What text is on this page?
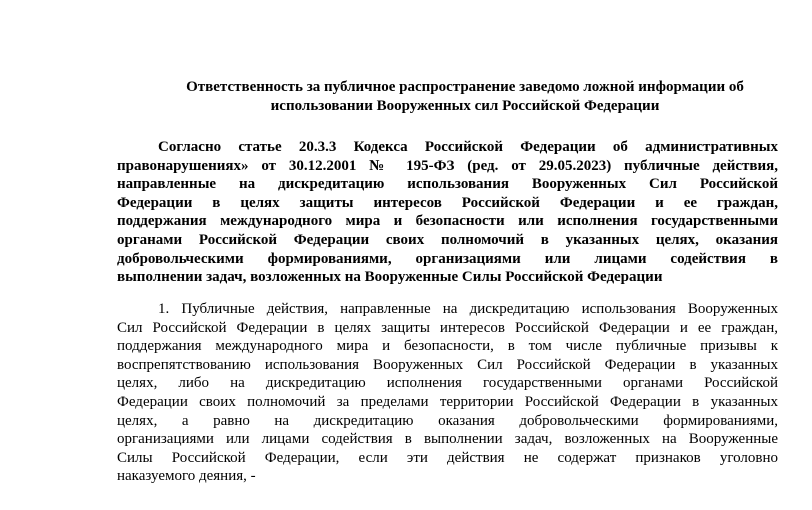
Ответственность за публичное распространение заведомо ложной информации об
использовании Вооруженных сил Российской Федерации
Согласно статье 20.3.3 Кодекса Российской Федерации об административных
правонарушениях» от 30.12.2001 № 195-ФЗ (ред. от 29.05.2023) публичные действия,
направленные на дискредитацию использования Вооруженных Сил Российской
Федерации в целях защиты интересов Российской Федерации и ее граждан,
поддержания международного мира и безопасности или исполнения государственными
органами Российской Федерации своих полномочий в указанных целях, оказания
добровольческими формированиями, организациями или лицами содействия в
выполнении задач, возложенных на Вооруженные Силы Российской Федерации
1. Публичные действия, направленные на дискредитацию использования Вооруженных
Сил Российской Федерации в целях защиты интересов Российской Федерации и ее граждан,
поддержания международного мира и безопасности, в том числе публичные призывы к
воспрепятствованию использования Вооруженных Сил Российской Федерации в указанных
целях, либо на дискредитацию исполнения государственными органами Российской
Федерации своих полномочий за пределами территории Российской Федерации в указанных
целях, а равно на дискредитацию оказания добровольческими формированиями,
организациями или лицами содействия в выполнении задач, возложенных на Вооруженные
Силы Российской Федерации, если эти действия не содержат признаков уголовно
наказуемого деяния, -
